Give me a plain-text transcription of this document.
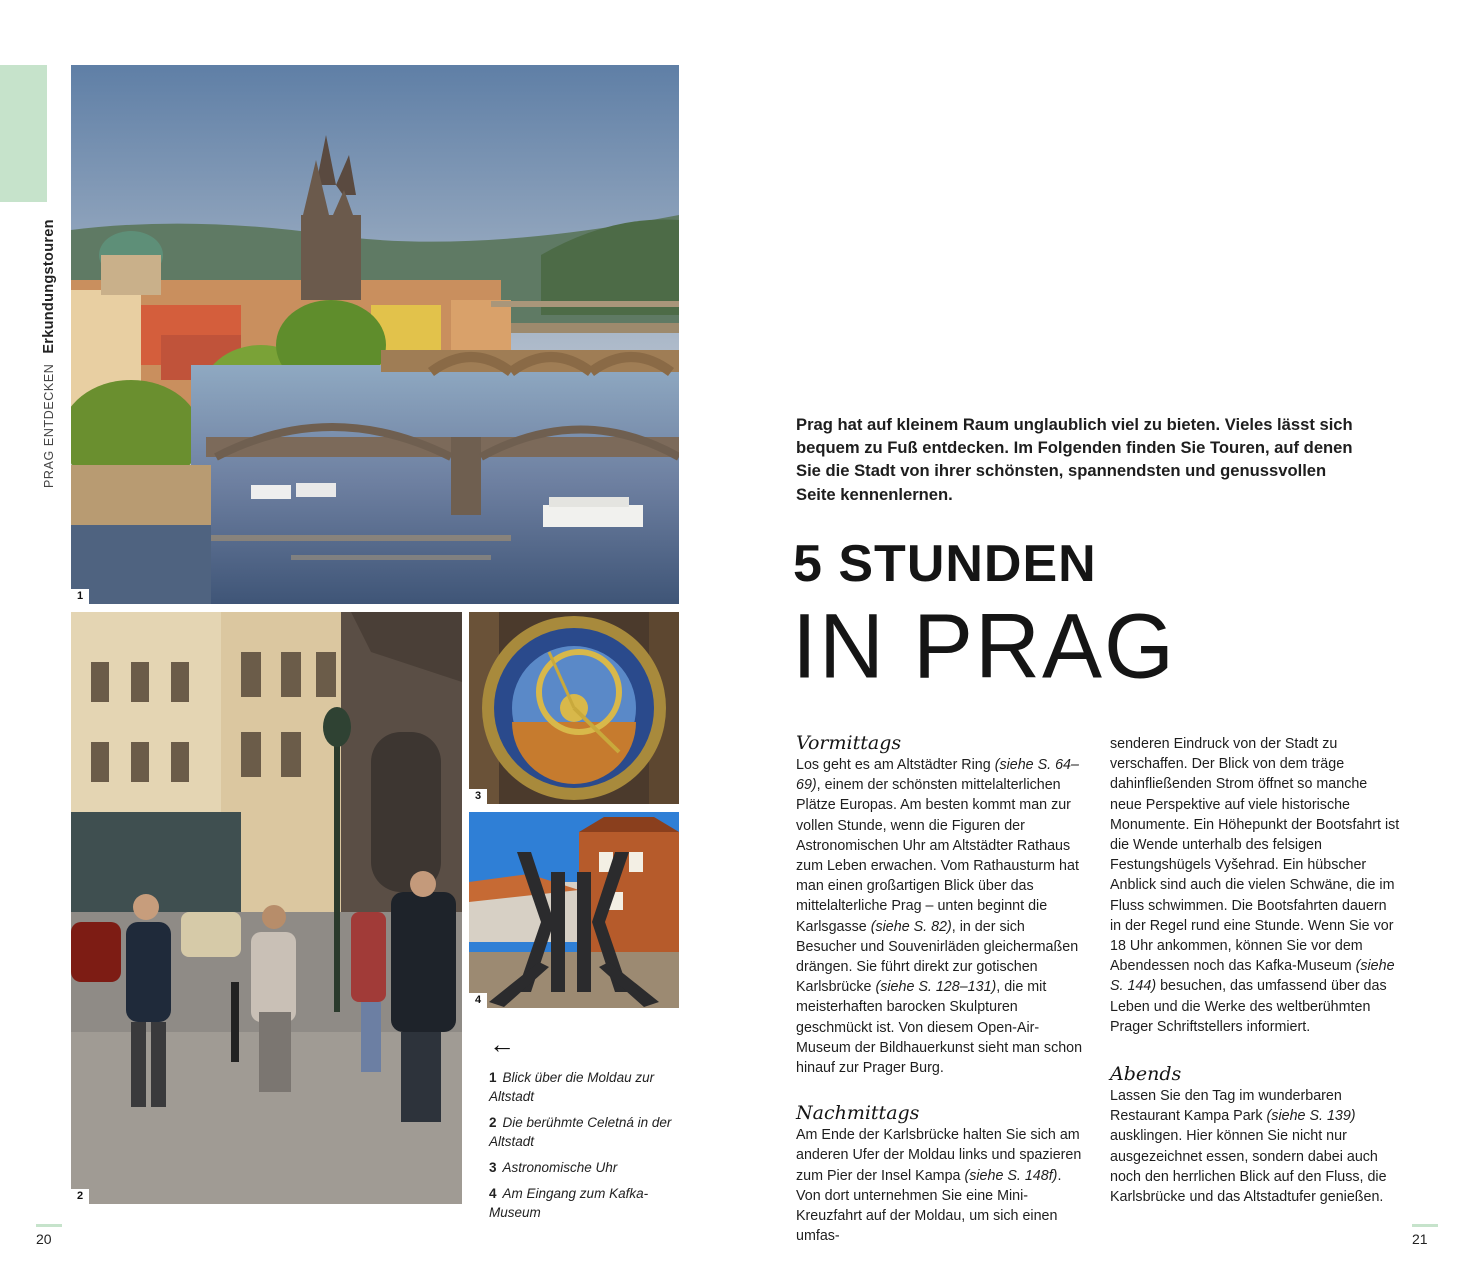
PRAG ENTDECKEN Erkundungstouren
1
2
3
4
←
1 Blick über die Moldau zur Altstadt
2 Die berühmte Celetná in der Altstadt
3 Astronomische Uhr
4 Am Eingang zum Kafka-Museum
Prag hat auf kleinem Raum unglaublich viel zu bieten. Vieles lässt sich bequem zu Fuß entdecken. Im Folgenden finden Sie Touren, auf denen Sie die Stadt von ihrer schönsten, spannendsten und genussvollen Seite kennenlernen.
5 STUNDEN
IN PRAG
Vormittags

Los geht es am Altstädter Ring (siehe S. 64–69), einem der schönsten mittelalterlichen Plätze Europas. Am besten kommt man zur vollen Stunde, wenn die Figuren der Astronomischen Uhr am Altstädter Rathaus zum Leben erwachen. Vom Rathausturm hat man einen großartigen Blick über das mittelalterliche Prag – unten beginnt die Karlsgasse (siehe S. 82), in der sich Besucher und Souvenirläden gleichermaßen drängen. Sie führt direkt zur gotischen Karlsbrücke (siehe S. 128–131), die mit meisterhaften barocken Skulpturen geschmückt ist. Von diesem Open-Air-Museum der Bildhauerkunst sieht man schon hinauf zur Prager Burg.

Nachmittags

Am Ende der Karlsbrücke halten Sie sich am anderen Ufer der Moldau links und spazieren zum Pier der Insel Kampa (siehe S. 148f). Von dort unternehmen Sie eine Mini-Kreuzfahrt auf der Moldau, um sich einen umfas-

senderen Eindruck von der Stadt zu verschaffen. Der Blick von dem träge dahinfließenden Strom öffnet so manche neue Perspektive auf viele historische Monumente. Ein Höhepunkt der Bootsfahrt ist die Wende unterhalb des felsigen Festungshügels Vyšehrad. Ein hübscher Anblick sind auch die vielen Schwäne, die im Fluss schwimmen. Die Bootsfahrten dauern in der Regel rund eine Stunde. Wenn Sie vor 18 Uhr ankommen, können Sie vor dem Abendessen noch das Kafka-Museum (siehe S. 144) besuchen, das umfassend über das Leben und die Werke des weltberühmten Prager Schriftstellers informiert.

Abends

Lassen Sie den Tag im wunderbaren Restaurant Kampa Park (siehe S. 139) ausklingen. Hier können Sie nicht nur ausgezeichnet essen, sondern dabei auch noch den herrlichen Blick auf den Fluss, die Karlsbrücke und das Altstadtufer genießen.

20	21
